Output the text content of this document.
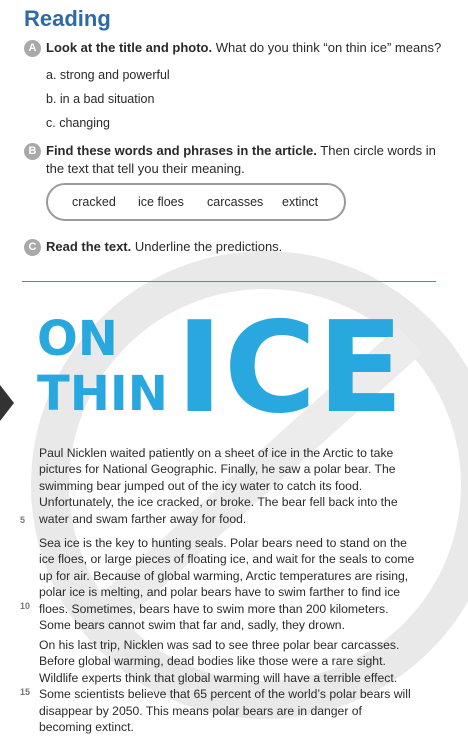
Reading
A Look at the title and photo. What do you think “on thin ice” means?
a. strong and powerful
b. in a bad situation
c. changing
B Find these words and phrases in the article. Then circle words in
the text that tell you their meaning.
cracked ice floes carcasses extinct
C Read the text. Underline the predictions.
ON
THIN ICE

Paul Nicklen waited patiently on a sheet of ice in the Arctic to take
pictures for National Geographic. Finally, he saw a polar bear. The
swimming bear jumped out of the icy water to catch its food.
Unfortunately, the ice cracked, or broke. The bear fell back into the
water and swam farther away for food.

5

Sea ice is the key to hunting seals. Polar bears need to stand on the
ice floes, or large pieces of floating ice, and wait for the seals to come
up for air. Because of global warming, Arctic temperatures are rising,
polar ice is melting, and polar bears have to swim farther to find ice
floes. Sometimes, bears have to swim more than 200 kilometers.
Some bears cannot swim that far and, sadly, they drown.

10

On his last trip, Nicklen was sad to see three polar bear carcasses.
Before global warming, dead bodies like those were a rare sight.
Wildlife experts think that global warming will have a terrible effect.
Some scientists believe that 65 percent of the world’s polar bears will
disappear by 2050. This means polar bears are in danger of
becoming extinct.

15
